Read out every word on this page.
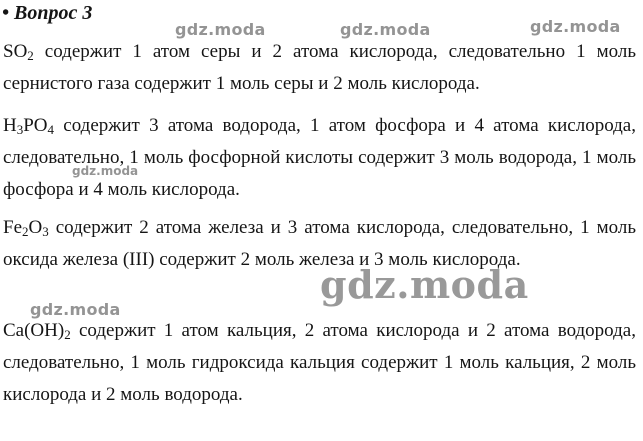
• Вопрос 3

$SO_2$ содержит 1 атом серы и 2 атома кислорода, следовательно 1 моль сернистого газа содержит 1 моль серы и 2 моль кислорода.

$H_3PO_4$ содержит 3 атома водорода, 1 атом фосфора и 4 атома кислорода, следовательно, 1 моль фосфорной кислоты содержит 3 моль водорода, 1 моль фосфора и 4 моль кислорода.

$Fe_2O_3$ содержит 2 атома железа и 3 атома кислорода, следовательно, 1 моль оксида железа (III) содержит 2 моль железа и 3 моль кислорода.

$Ca(OH)_2$ содержит 1 атом кальция, 2 атома кислорода и 2 атома водорода, следовательно, 1 моль гидроксида кальция содержит 1 моль кальция, 2 моль кислорода и 2 моль водорода.

gdz.moda	gdz.moda	gdz.moda
gdz.moda
gdz.moda
gdz.moda
